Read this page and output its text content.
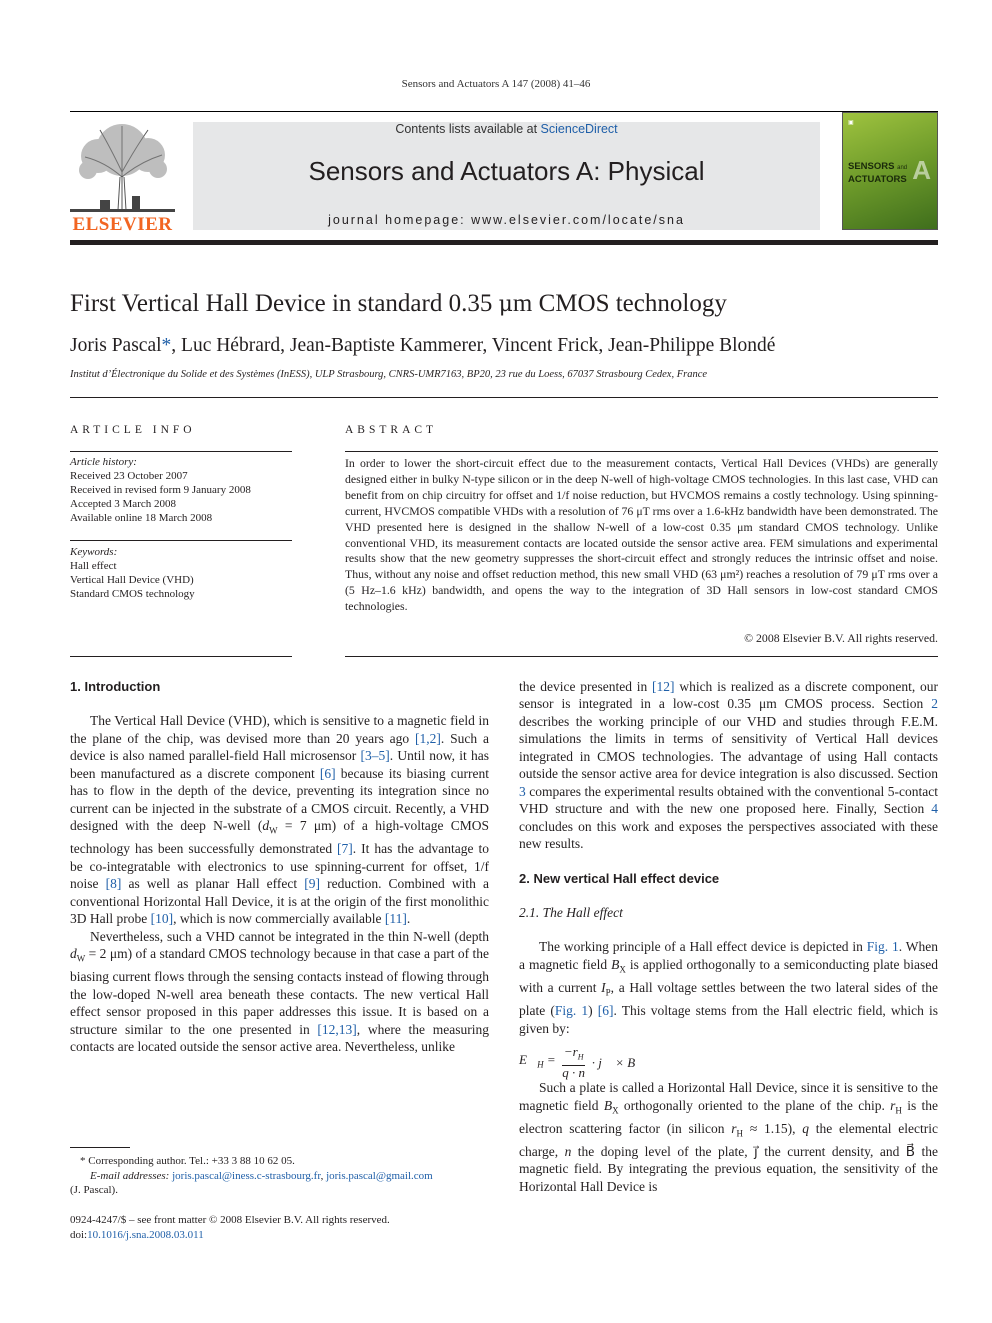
Sensors and Actuators A 147 (2008) 41–46
ELSEVIER
Contents lists available at ScienceDirect
Sensors and Actuators A: Physical
journal homepage: www.elsevier.com/locate/sna
▣
A
SENSORS and
ACTUATORS
First Vertical Hall Device in standard 0.35 μm CMOS technology
Joris Pascal*, Luc Hébrard, Jean-Baptiste Kammerer, Vincent Frick, Jean-Philippe Blondé
Institut d’Électronique du Solide et des Systèmes (InESS), ULP Strasbourg, CNRS-UMR7163, BP20, 23 rue du Loess, 67037 Strasbourg Cedex, France
ARTICLE INFO
Article history:
Received 23 October 2007
Received in revised form 9 January 2008
Accepted 3 March 2008
Available online 18 March 2008
Keywords:
Hall effect
Vertical Hall Device (VHD)
Standard CMOS technology
ABSTRACT
In order to lower the short-circuit effect due to the measurement contacts, Vertical Hall Devices (VHDs) are generally designed either in bulky N-type silicon or in the deep N-well of high-voltage CMOS technologies. In this last case, VHD can benefit from on chip circuitry for offset and 1/f noise reduction, but HVCMOS remains a costly technology. Using spinning-current, HVCMOS compatible VHDs with a resolution of 76 μT rms over a 1.6-kHz bandwidth have been demonstrated. The VHD presented here is designed in the shallow N-well of a low-cost 0.35 μm standard CMOS technology. Unlike conventional VHD, its measurement contacts are located outside the sensor active area. FEM simulations and experimental results show that the new geometry suppresses the short-circuit effect and strongly reduces the intrinsic offset and noise. Thus, without any noise and offset reduction method, this new small VHD (63 μm²) reaches a resolution of 79 μT rms over a (5 Hz–1.6 kHz) bandwidth, and opens the way to the integration of 3D Hall sensors in low-cost standard CMOS technologies.
© 2008 Elsevier B.V. All rights reserved.

1. Introduction

The Vertical Hall Device (VHD), which is sensitive to a magnetic field in the plane of the chip, was devised more than 20 years ago [1,2]. Such a device is also named parallel-field Hall microsensor [3–5]. Until now, it has been manufactured as a discrete component [6] because its biasing current has to flow in the depth of the device, preventing its integration since no current can be injected in the substrate of a CMOS circuit. Recently, a VHD designed with the deep N-well ($d_W = 7$ μm) of a high-voltage CMOS technology has been successfully demonstrated [7]. It has the advantage to be co-integratable with electronics to use spinning-current for offset, 1/f noise [8] as well as planar Hall effect [9] reduction. Combined with a conventional Horizontal Hall Device, it is at the origin of the first monolithic 3D Hall probe [10], which is now commercially available [11].

Nevertheless, such a VHD cannot be integrated in the thin N-well (depth $d_W = 2$ μm) of a standard CMOS technology because in that case a part of the biasing current flows through the sensing contacts instead of flowing through the low-doped N-well area beneath these contacts. The new vertical Hall effect sensor proposed in this paper addresses this issue. It is based on a structure similar to the one presented in [12,13], where the measuring contacts are located outside the sensor active area. Nevertheless, unlike

the device presented in [12] which is realized as a discrete component, our sensor is integrated in a low-cost 0.35 μm CMOS process. Section 2 describes the working principle of our VHD and studies through F.E.M. simulations the limits in terms of sensitivity of Vertical Hall devices integrated in CMOS technologies. The advantage of using Hall contacts outside the sensor active area for device integration is also discussed. Section 3 compares the experimental results obtained with the conventional 5-contact VHD structure and with the new one proposed here. Finally, Section 4 concludes on this work and exposes the perspectives associated with these new results.

2. New vertical Hall effect device

2.1. The Hall effect

The working principle of a Hall effect device is depicted in Fig. 1. When a magnetic field $B_X$ is applied orthogonally to a semiconducting plate biased with a current $I_P$, a Hall voltage settles between the two lateral sides of the plate (Fig. 1) [6]. This voltage stems from the Hall electric field, which is given by:

$E⃗_H = \frac{-r_H}{q \cdot n}$ · j⃗ × B⃗

Such a plate is called a Horizontal Hall Device, since it is sensitive to the magnetic field $B_X$ orthogonally oriented to the plane of the chip. $r_H$ is the electron scattering factor (in silicon $r_H \approx 1.15$), q the elemental electric charge, n the doping level of the plate, j⃗ the current density, and B⃗ the magnetic field. By integrating the previous equation, the sensitivity of the Horizontal Hall Device is

* Corresponding author. Tel.: +33 3 88 10 62 05.
E-mail addresses: joris.pascal@iness.c-strasbourg.fr, joris.pascal@gmail.com
(J. Pascal).
0924-4247/$ – see front matter © 2008 Elsevier B.V. All rights reserved.
doi:10.1016/j.sna.2008.03.011
